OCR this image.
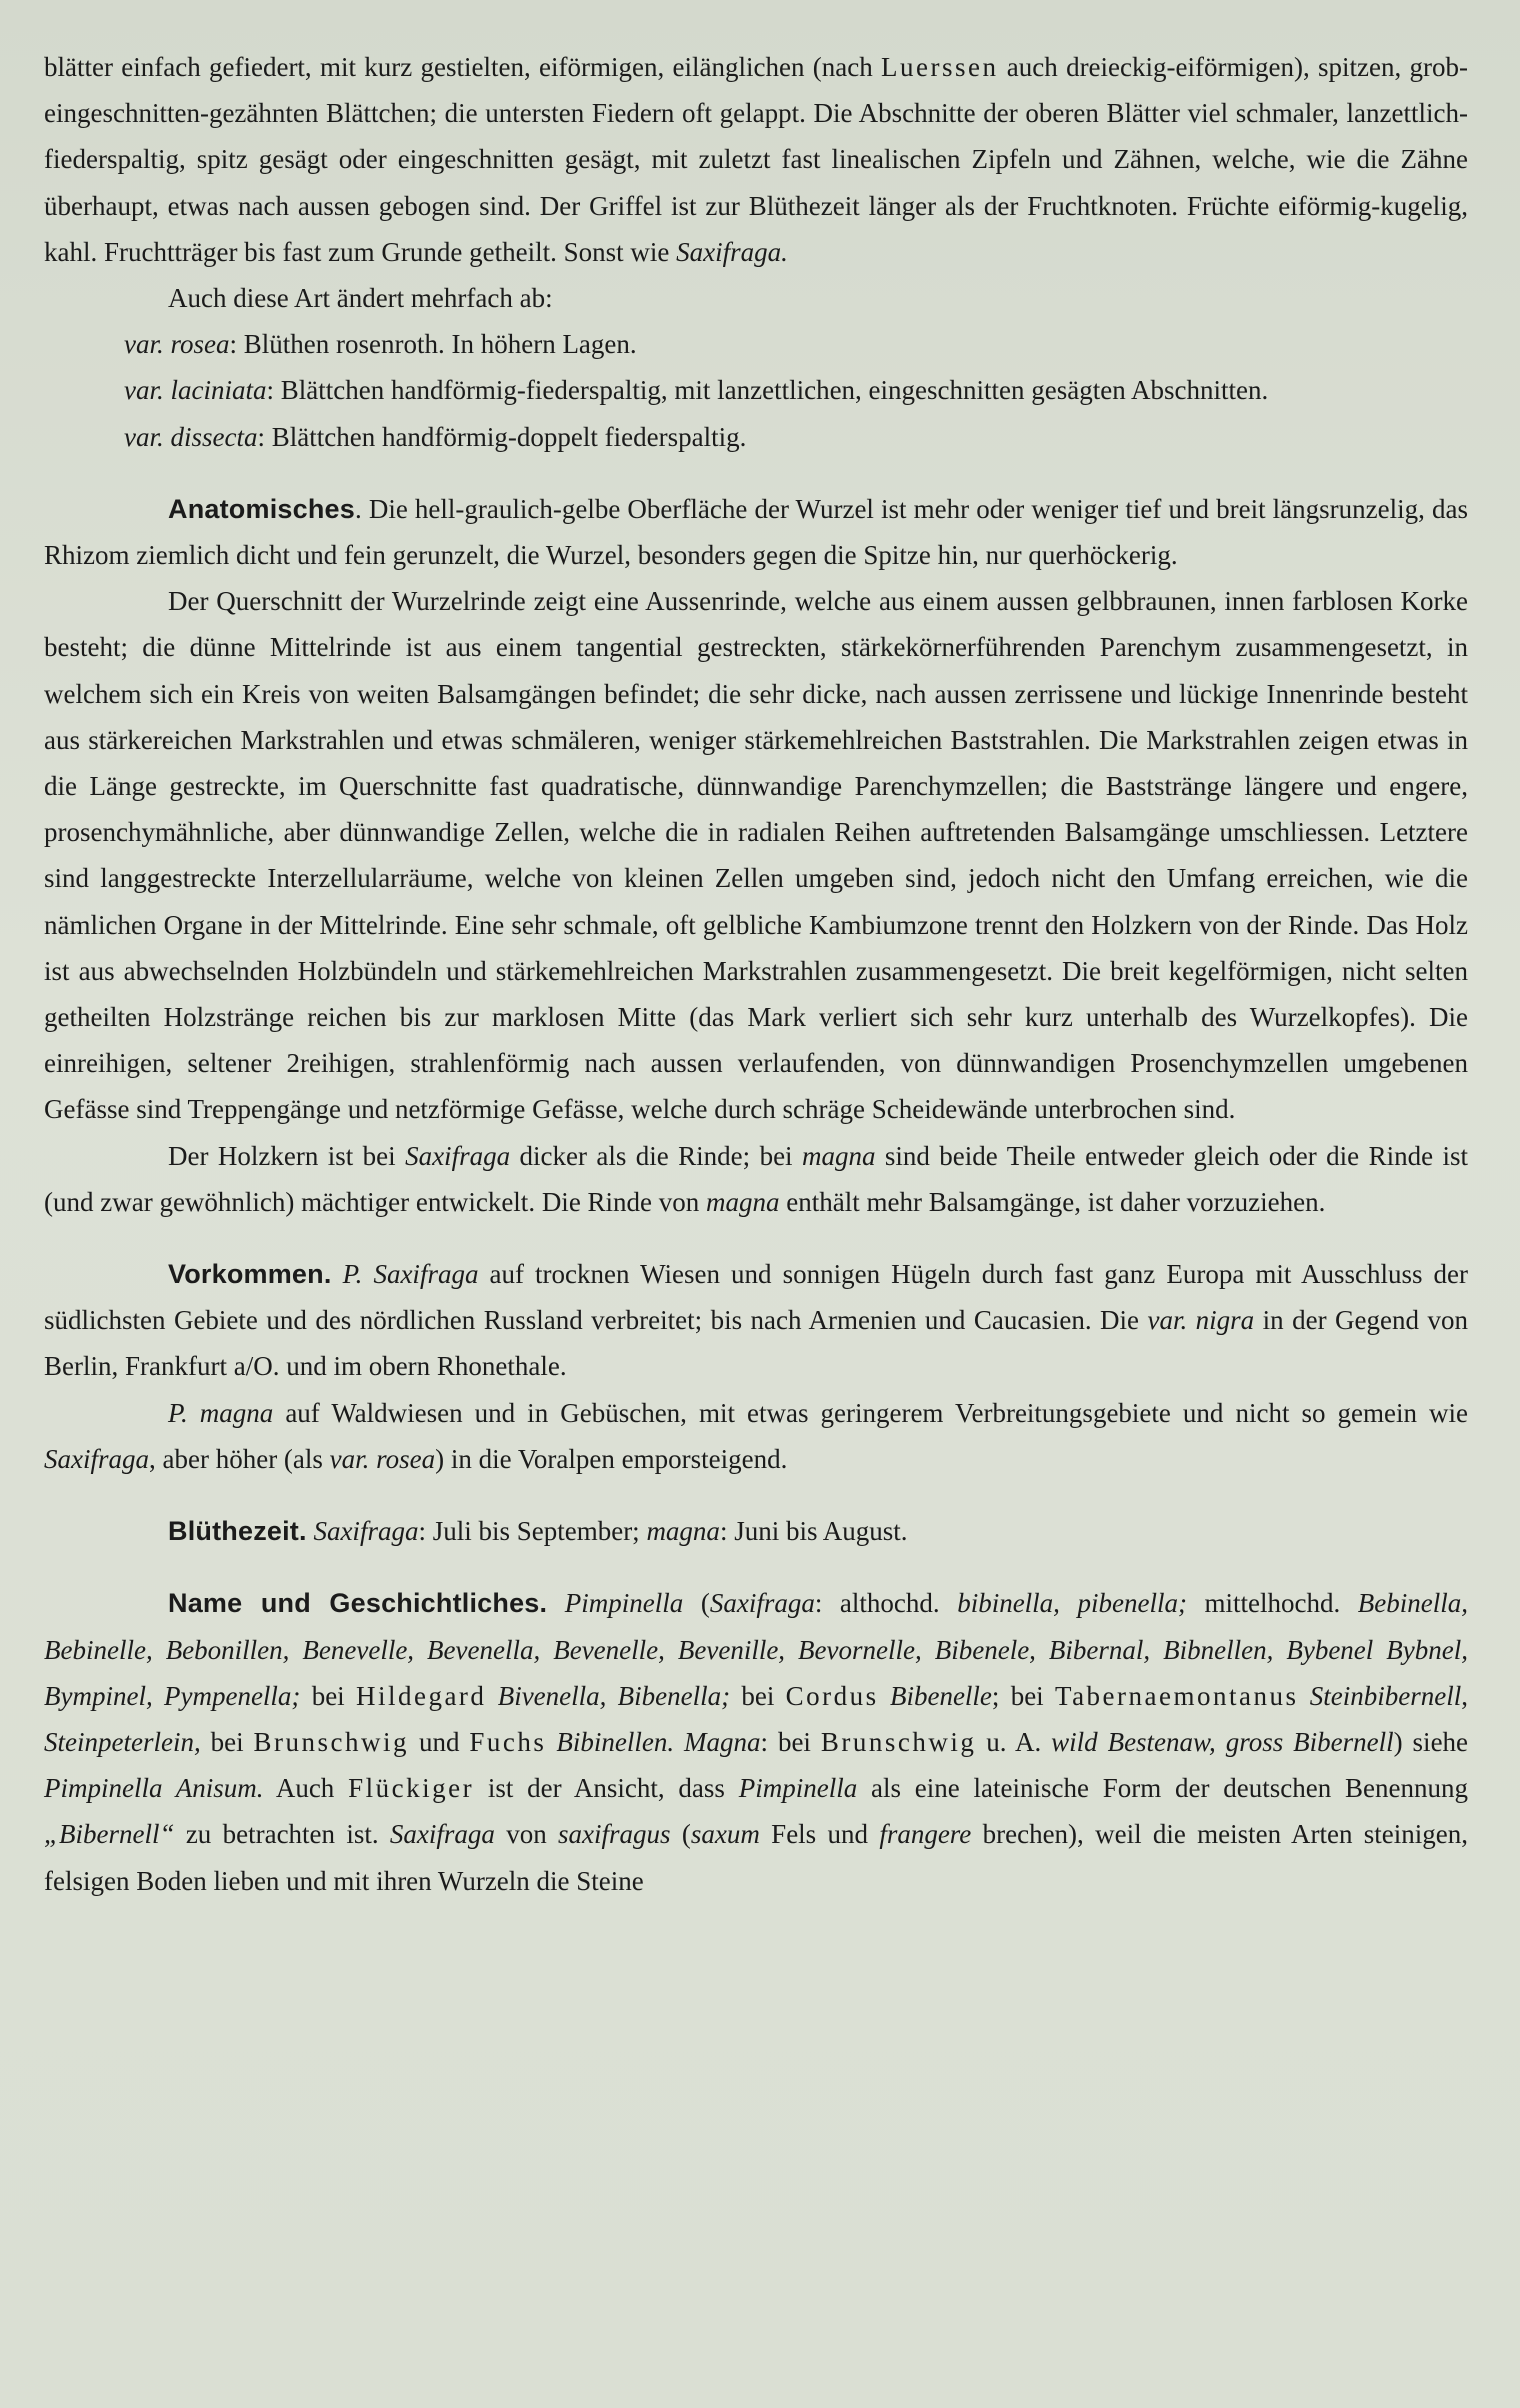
blätter einfach gefiedert, mit kurz gestielten, eiförmigen, eilänglichen (nach Luerssen auch dreieckig-eiförmigen), spitzen, grob-eingeschnitten-gezähnten Blättchen; die untersten Fiedern oft gelappt. Die Abschnitte der oberen Blätter viel schmaler, lanzettlich-fiederspaltig, spitz gesägt oder eingeschnitten gesägt, mit zuletzt fast linealischen Zipfeln und Zähnen, welche, wie die Zähne überhaupt, etwas nach aussen gebogen sind. Der Griffel ist zur Blüthezeit länger als der Fruchtknoten. Früchte eiförmig-kugelig, kahl. Fruchtträger bis fast zum Grunde getheilt. Sonst wie Saxifraga.

Auch diese Art ändert mehrfach ab:

var. rosea: Blüthen rosenroth. In höhern Lagen.

var. laciniata: Blättchen handförmig-fiederspaltig, mit lanzettlichen, eingeschnitten gesägten Abschnitten.

var. dissecta: Blättchen handförmig-doppelt fiederspaltig.

Anatomisches. Die hell-graulich-gelbe Oberfläche der Wurzel ist mehr oder weniger tief und breit längsrunzelig, das Rhizom ziemlich dicht und fein gerunzelt, die Wurzel, besonders gegen die Spitze hin, nur querhöckerig.

Der Querschnitt der Wurzelrinde zeigt eine Aussenrinde, welche aus einem aussen gelbbraunen, innen farblosen Korke besteht; die dünne Mittelrinde ist aus einem tangential gestreckten, stärkekörnerführenden Parenchym zusammengesetzt, in welchem sich ein Kreis von weiten Balsamgängen befindet; die sehr dicke, nach aussen zerrissene und lückige Innenrinde besteht aus stärkereichen Markstrahlen und etwas schmäleren, weniger stärkemehlreichen Baststrahlen. Die Markstrahlen zeigen etwas in die Länge gestreckte, im Querschnitte fast quadratische, dünnwandige Parenchymzellen; die Baststränge längere und engere, prosenchymähnliche, aber dünnwandige Zellen, welche die in radialen Reihen auftretenden Balsamgänge umschliessen. Letztere sind langgestreckte Interzellularräume, welche von kleinen Zellen umgeben sind, jedoch nicht den Umfang erreichen, wie die nämlichen Organe in der Mittelrinde. Eine sehr schmale, oft gelbliche Kambiumzone trennt den Holzkern von der Rinde. Das Holz ist aus abwechselnden Holzbündeln und stärkemehlreichen Markstrahlen zusammengesetzt. Die breit kegelförmigen, nicht selten getheilten Holzstränge reichen bis zur marklosen Mitte (das Mark verliert sich sehr kurz unterhalb des Wurzelkopfes). Die einreihigen, seltener 2reihigen, strahlenförmig nach aussen verlaufenden, von dünnwandigen Prosenchymzellen umgebenen Gefässe sind Treppengänge und netzförmige Gefässe, welche durch schräge Scheidewände unterbrochen sind.

Der Holzkern ist bei Saxifraga dicker als die Rinde; bei magna sind beide Theile entweder gleich oder die Rinde ist (und zwar gewöhnlich) mächtiger entwickelt. Die Rinde von magna enthält mehr Balsamgänge, ist daher vorzuziehen.

Vorkommen. P. Saxifraga auf trocknen Wiesen und sonnigen Hügeln durch fast ganz Europa mit Ausschluss der südlichsten Gebiete und des nördlichen Russland verbreitet; bis nach Armenien und Caucasien. Die var. nigra in der Gegend von Berlin, Frankfurt a/O. und im obern Rhonethale.

P. magna auf Waldwiesen und in Gebüschen, mit etwas geringerem Verbreitungsgebiete und nicht so gemein wie Saxifraga, aber höher (als var. rosea) in die Voralpen emporsteigend.

Blüthezeit. Saxifraga: Juli bis September; magna: Juni bis August.

Name und Geschichtliches. Pimpinella (Saxifraga: althochd. bibinella, pibenella; mittelhochd. Bebinella, Bebinelle, Bebonillen, Benevelle, Bevenella, Bevenelle, Bevenille, Bevornelle, Bibenele, Bibernal, Bibnellen, Bybenel Bybnel, Bympinel, Pympenella; bei Hildegard Bivenella, Bibenella; bei Cordus Bibenelle; bei Tabernaemontanus Steinbibernell, Steinpeterlein, bei Brunschwig und Fuchs Bibinellen. Magna: bei Brunschwig u. A. wild Bestenaw, gross Bibernell) siehe Pimpinella Anisum. Auch Flückiger ist der Ansicht, dass Pimpinella als eine lateinische Form der deutschen Benennung „Bibernell“ zu betrachten ist. Saxifraga von saxifragus (saxum Fels und frangere brechen), weil die meisten Arten steinigen, felsigen Boden lieben und mit ihren Wurzeln die Steine
